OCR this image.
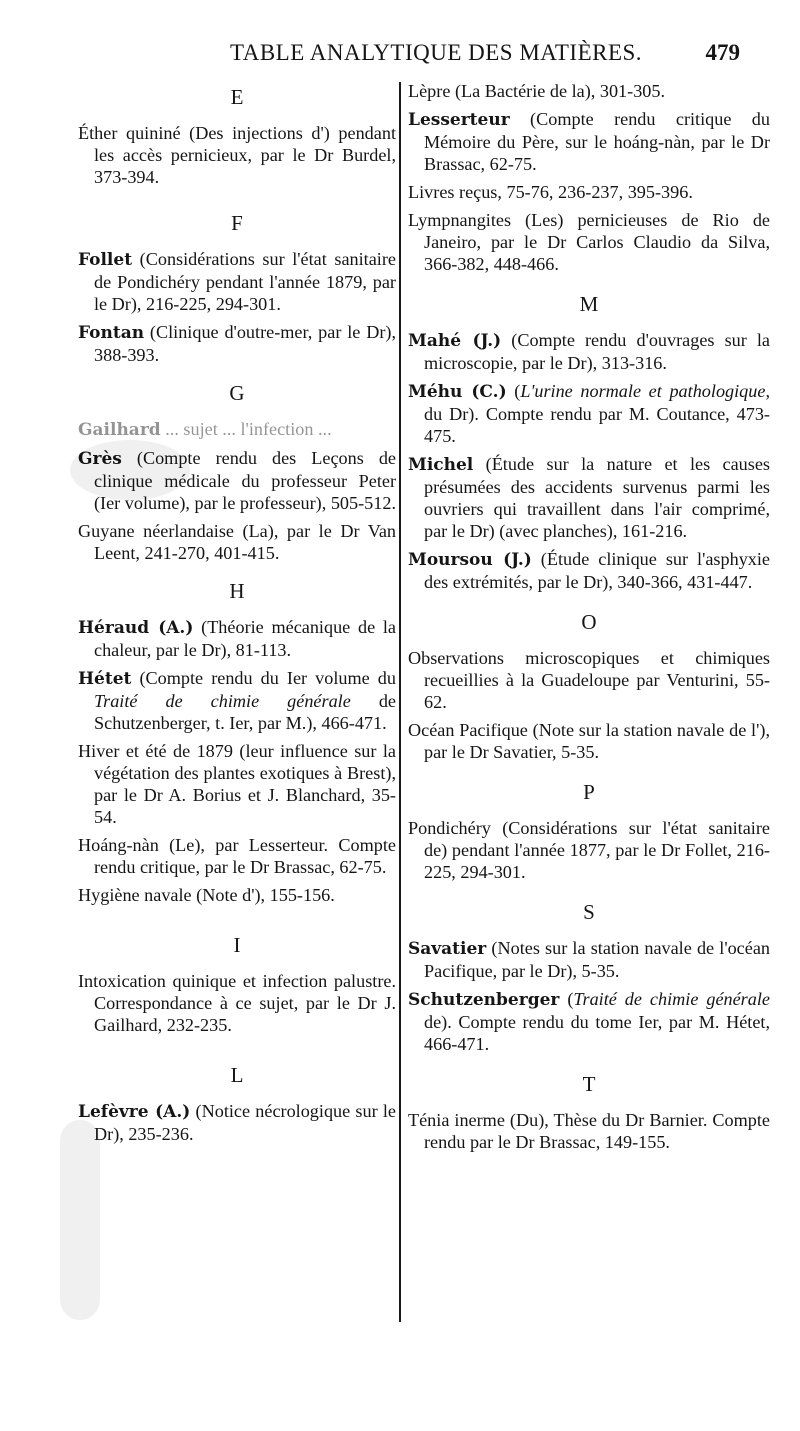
TABLE ANALYTIQUE DES MATIÈRES.	479
E

Éther quininé (Des injections d') pendant les accès pernicieux, par le Dr Burdel, 373-394.

F

Follet (Considérations sur l'état sanitaire de Pondichéry pendant l'année 1879, par le Dr), 216-225, 294-301.

Fontan (Clinique d'outre-mer, par le Dr), 388-393.

G

Gailhard ... sujet ... l'infection ...

Grès (Compte rendu des Leçons de clinique médicale du professeur Peter (Ier volume), par le professeur), 505-512.

Guyane néerlandaise (La), par le Dr Van Leent, 241-270, 401-415.

H

Héraud (A.) (Théorie mécanique de la chaleur, par le Dr), 81-113.

Hétet (Compte rendu du Ier volume du Traité de chimie générale de Schutzenberger, t. Ier, par M.), 466-471.

Hiver et été de 1879 (leur influence sur la végétation des plantes exotiques à Brest), par le Dr A. Borius et J. Blanchard, 35-54.

Hoáng-nàn (Le), par Lesserteur. Compte rendu critique, par le Dr Brassac, 62-75.

Hygiène navale (Note d'), 155-156.

I

Intoxication quinique et infection palustre. Correspondance à ce sujet, par le Dr J. Gailhard, 232-235.

L

Lefèvre (A.) (Notice nécrologique sur le Dr), 235-236.

Lèpre (La Bactérie de la), 301-305.

Lesserteur (Compte rendu critique du Mémoire du Père, sur le hoáng-nàn, par le Dr Brassac, 62-75.

Livres reçus, 75-76, 236-237, 395-396.

Lympnangites (Les) pernicieuses de Rio de Janeiro, par le Dr Carlos Claudio da Silva, 366-382, 448-466.

M

Mahé (J.) (Compte rendu d'ouvrages sur la microscopie, par le Dr), 313-316.

Méhu (C.) (L'urine normale et pathologique, du Dr). Compte rendu par M. Coutance, 473-475.

Michel (Étude sur la nature et les causes présumées des accidents survenus parmi les ouvriers qui travaillent dans l'air comprimé, par le Dr) (avec planches), 161-216.

Moursou (J.) (Étude clinique sur l'asphyxie des extrémités, par le Dr), 340-366, 431-447.

O

Observations microscopiques et chimiques recueillies à la Guadeloupe par Venturini, 55-62.

Océan Pacifique (Note sur la station navale de l'), par le Dr Savatier, 5-35.

P

Pondichéry (Considérations sur l'état sanitaire de) pendant l'année 1877, par le Dr Follet, 216-225, 294-301.

S

Savatier (Notes sur la station navale de l'océan Pacifique, par le Dr), 5-35.

Schutzenberger (Traité de chimie générale de). Compte rendu du tome Ier, par M. Hétet, 466-471.

T

Ténia inerme (Du), Thèse du Dr Barnier. Compte rendu par le Dr Brassac, 149-155.
